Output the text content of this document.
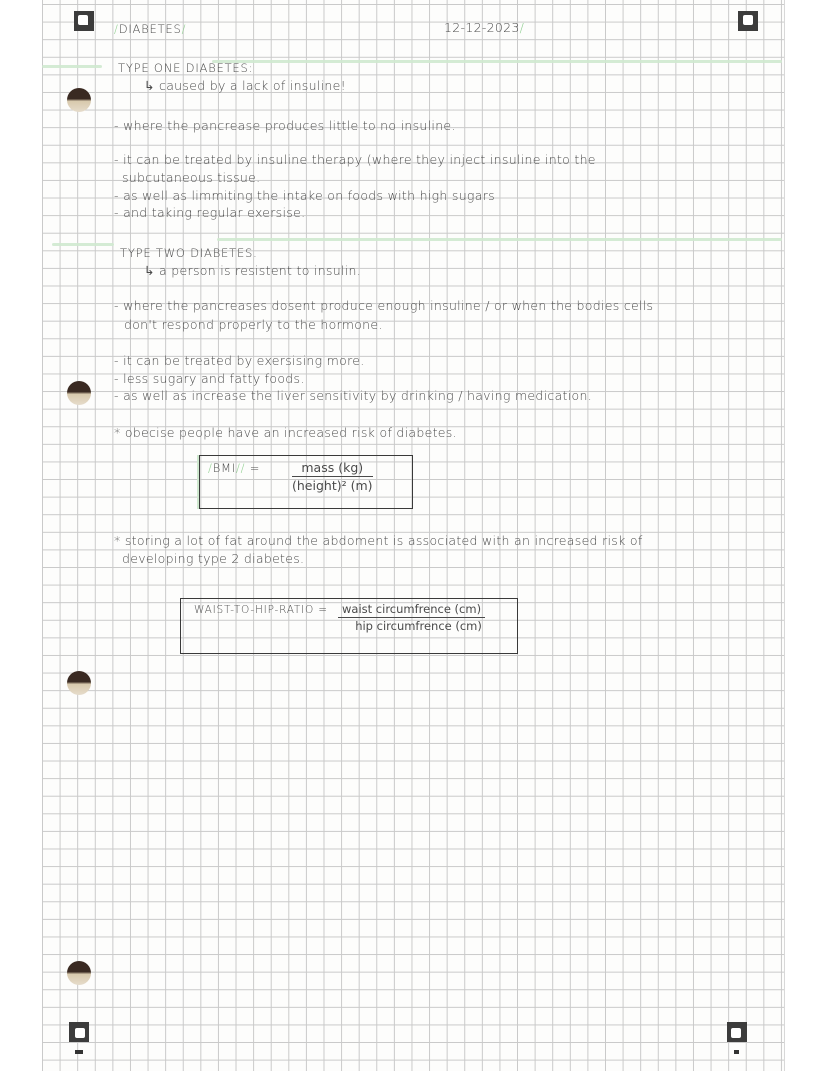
/DIABETES/	12-12-2023/
TYPE ONE DIABETES:
↳ caused by a lack of insuline!
- where the pancrease produces little to no insuline.
- it can be treated by insuline therapy (where they inject insuline into the
subcutaneous tissue.
- as well as limmiting the intake on foods with high sugars
- and taking regular exersise.
TYPE TWO DIABETES.
↳ a person is resistent to insulin.
- where the pancreases dosent produce enough insuline / or when the bodies cells
don't respond properly to the hormone.
- it can be treated by exersising more.
- less sugary and fatty foods.
- as well as increase the liver sensitivity by drinking / having medication.
* obecise people have an increased risk of diabetes.
/BMI// =	mass (kg)
(height)² (m)
* storing a lot of fat around the abdoment is associated with an increased risk of
developing type 2 diabetes.
WAIST-TO-HIP-RATIO =	waist circumfrence (cm)
hip circumfrence (cm)
